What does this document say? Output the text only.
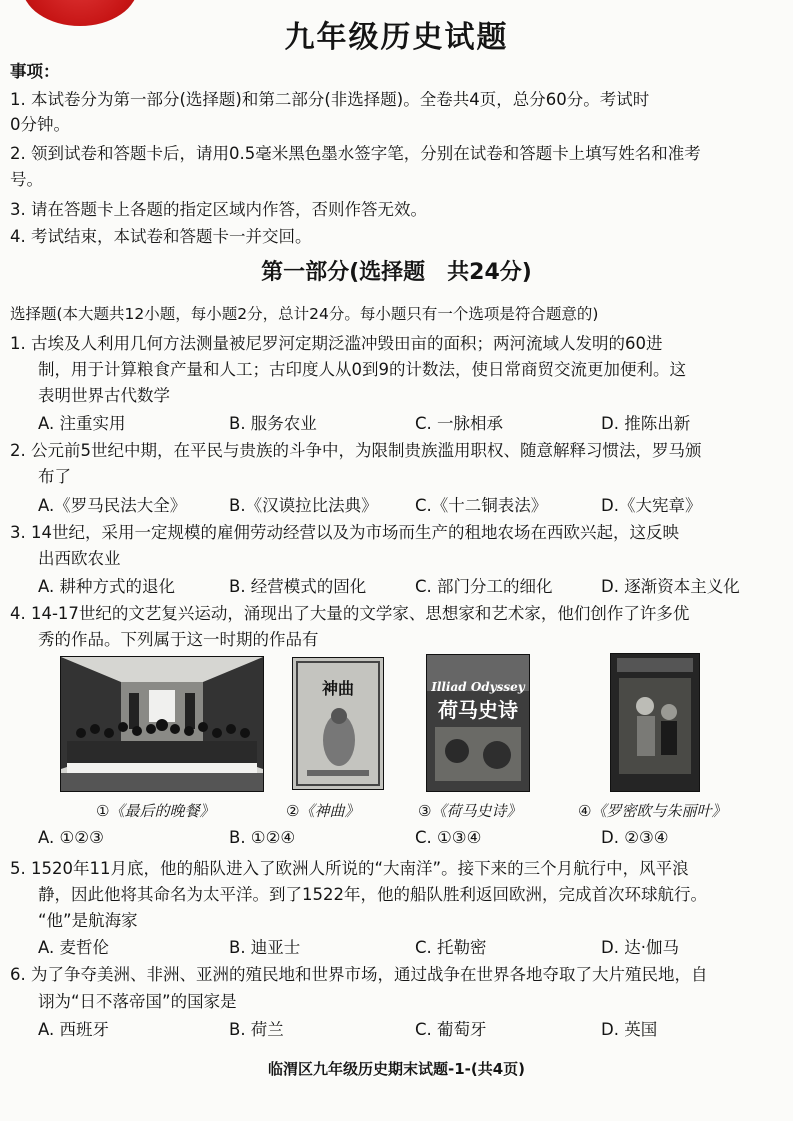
九年级历史试题
事项：
1. 本试卷分为第一部分(选择题)和第二部分(非选择题)。全卷共4页，总分60分。考试时
0分钟。
2. 领到试卷和答题卡后，请用0.5毫米黑色墨水签字笔，分别在试卷和答题卡上填写姓名和准考
号。
3. 请在答题卡上各题的指定区域内作答，否则作答无效。
4. 考试结束，本试卷和答题卡一并交回。
第一部分(选择题　共24分)
选择题(本大题共12小题，每小题2分，总计24分。每小题只有一个选项是符合题意的)
1. 古埃及人利用几何方法测量被尼罗河定期泛滥冲毁田亩的面积；两河流域人发明的60进
制，用于计算粮食产量和人工；古印度人从0到9的计数法，使日常商贸交流更加便利。这
表明世界古代数学
A. 注重实用	B. 服务农业	C. 一脉相承	D. 推陈出新
2. 公元前5世纪中期，在平民与贵族的斗争中，为限制贵族滥用职权、随意解释习惯法，罗马颁
布了
A.《罗马民法大全》	B.《汉谟拉比法典》 C.《十二铜表法》	D.《大宪章》
3. 14世纪，采用一定规模的雇佣劳动经营以及为市场而生产的租地农场在西欧兴起，这反映
出西欧农业
A. 耕种方式的退化	B. 经营模式的固化	C. 部门分工的细化	D. 逐渐资本主义化
4. 14-17世纪的文艺复兴运动，涌现出了大量的文学家、思想家和艺术家，他们创作了许多优
秀的作品。下列属于这一时期的作品有
神曲	Illiad Odyssey
荷马史诗
①《最后的晚餐》	②《神曲》	③《荷马史诗》	④《罗密欧与朱丽叶》
A. ①②③	B. ①②④	C. ①③④	D. ②③④
5. 1520年11月底，他的船队进入了欧洲人所说的“大南洋”。接下来的三个月航行中，风平浪
静，因此他将其命名为太平洋。到了1522年，他的船队胜利返回欧洲，完成首次环球航行。
“他”是航海家
A. 麦哲伦	B. 迪亚士	C. 托勒密	D. 达·伽马
6. 为了争夺美洲、非洲、亚洲的殖民地和世界市场，通过战争在世界各地夺取了大片殖民地，自
诩为“日不落帝国”的国家是
A. 西班牙	B. 荷兰	C. 葡萄牙	D. 英国
临渭区九年级历史期末试题-1-(共4页)
